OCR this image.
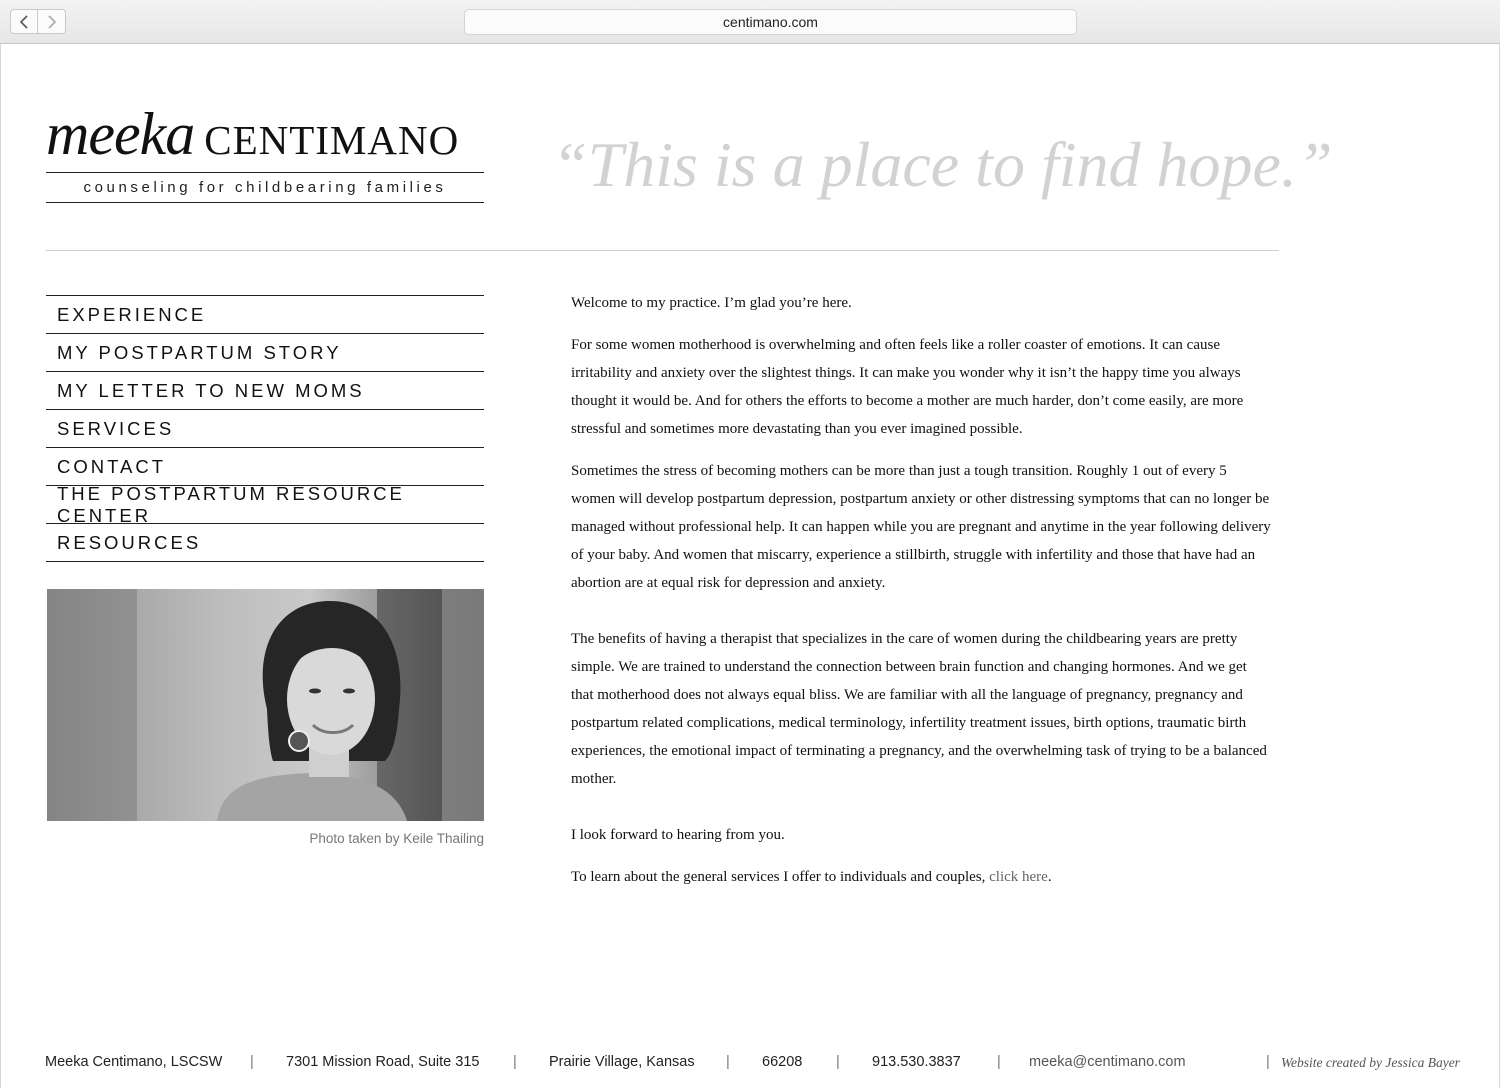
centimano.com
meeka CENTIMANO
counseling for childbearing families	“This is a place to find hope.”
EXPERIENCE
MY POSTPARTUM STORY
MY LETTER TO NEW MOMS
SERVICES
CONTACT
THE POSTPARTUM RESOURCE CENTER
RESOURCES
Photo taken by Keile Thailing

Welcome to my practice. I’m glad you’re here.

For some women motherhood is overwhelming and often feels like a roller coaster of emotions. It can cause irritability and anxiety over the slightest things. It can make you wonder why it isn’t the happy time you always thought it would be. And for others the efforts to become a mother are much harder, don’t come easily, are more stressful and sometimes more devastating than you ever imagined possible.

Sometimes the stress of becoming mothers can be more than just a tough transition. Roughly 1 out of every 5 women will develop postpartum depression, postpartum anxiety or other distressing symptoms that can no longer be managed without professional help. It can happen while you are pregnant and anytime in the year following delivery of your baby. And women that miscarry, experience a stillbirth, struggle with infertility and those that have had an abortion are at equal risk for depression and anxiety.

The benefits of having a therapist that specializes in the care of women during the childbearing years are pretty simple. We are trained to understand the connection between brain function and changing hormones. And we get that motherhood does not always equal bliss. We are familiar with all the language of pregnancy, pregnancy and postpartum related complications, medical terminology, infertility treatment issues, birth options, traumatic birth experiences, the emotional impact of terminating a pregnancy, and the overwhelming task of trying to be a balanced mother.

I look forward to hearing from you.

To learn about the general services I offer to individuals and couples, click here.

Meeka Centimano, LSCSW | 7301 Mission Road, Suite 315 | Prairie Village, Kansas | 66208 | 913.530.3837	| meeka@centimano.com	| Website created by Jessica Bayer
